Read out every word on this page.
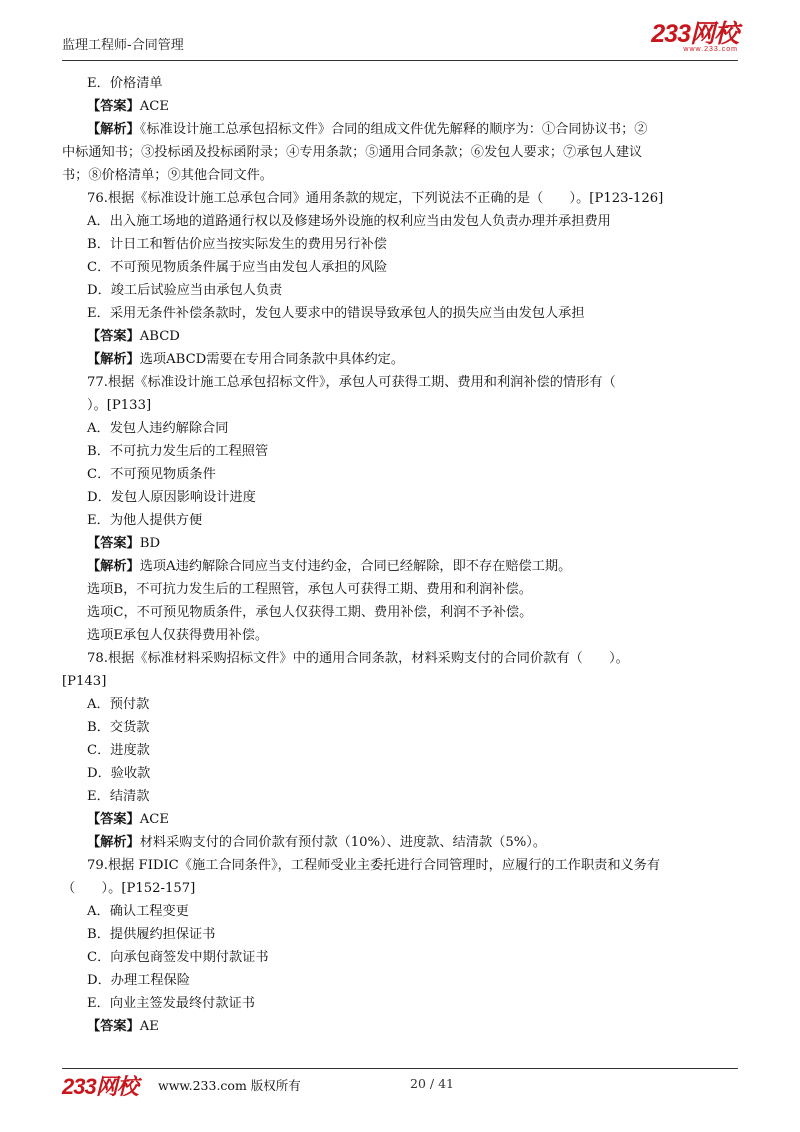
监理工程师-合同管理	233网校
www.233.com
E．价格清单
【答案】ACE
【解析】《标准设计施工总承包招标文件》合同的组成文件优先解释的顺序为：①合同协议书；②
中标通知书；③投标函及投标函附录；④专用条款；⑤通用合同条款；⑥发包人要求；⑦承包人建议
书；⑧价格清单；⑨其他合同文件。
76.根据《标准设计施工总承包合同》通用条款的规定，下列说法不正确的是（　　）。[P123-126]
A．出入施工场地的道路通行权以及修建场外设施的权利应当由发包人负责办理并承担费用
B．计日工和暂估价应当按实际发生的费用另行补偿
C．不可预见物质条件属于应当由发包人承担的风险
D．竣工后试验应当由承包人负责
E．采用无条件补偿条款时，发包人要求中的错误导致承包人的损失应当由发包人承担
【答案】ABCD
【解析】选项ABCD需要在专用合同条款中具体约定。
77.根据《标准设计施工总承包招标文件》，承包人可获得工期、费用和利润补偿的情形有（
）。[P133]
A．发包人违约解除合同
B．不可抗力发生后的工程照管
C．不可预见物质条件
D．发包人原因影响设计进度
E．为他人提供方便
【答案】BD
【解析】选项A违约解除合同应当支付违约金，合同已经解除，即不存在赔偿工期。
选项B，不可抗力发生后的工程照管，承包人可获得工期、费用和利润补偿。
选项C，不可预见物质条件，承包人仅获得工期、费用补偿，利润不予补偿。
选项E承包人仅获得费用补偿。
78.根据《标准材料采购招标文件》中的通用合同条款，材料采购支付的合同价款有（　　）。
[P143]
A．预付款
B．交货款
C．进度款
D．验收款
E．结清款
【答案】ACE
【解析】材料采购支付的合同价款有预付款（10%）、进度款、结清款（5%）。
79.根据 FIDIC《施工合同条件》，工程师受业主委托进行合同管理时，应履行的工作职责和义务有
（　　）。[P152-157]
A．确认工程变更
B．提供履约担保证书
C．向承包商签发中期付款证书
D．办理工程保险
E．向业主签发最终付款证书
【答案】AE
233网校 www.233.com 版权所有	20 / 41
